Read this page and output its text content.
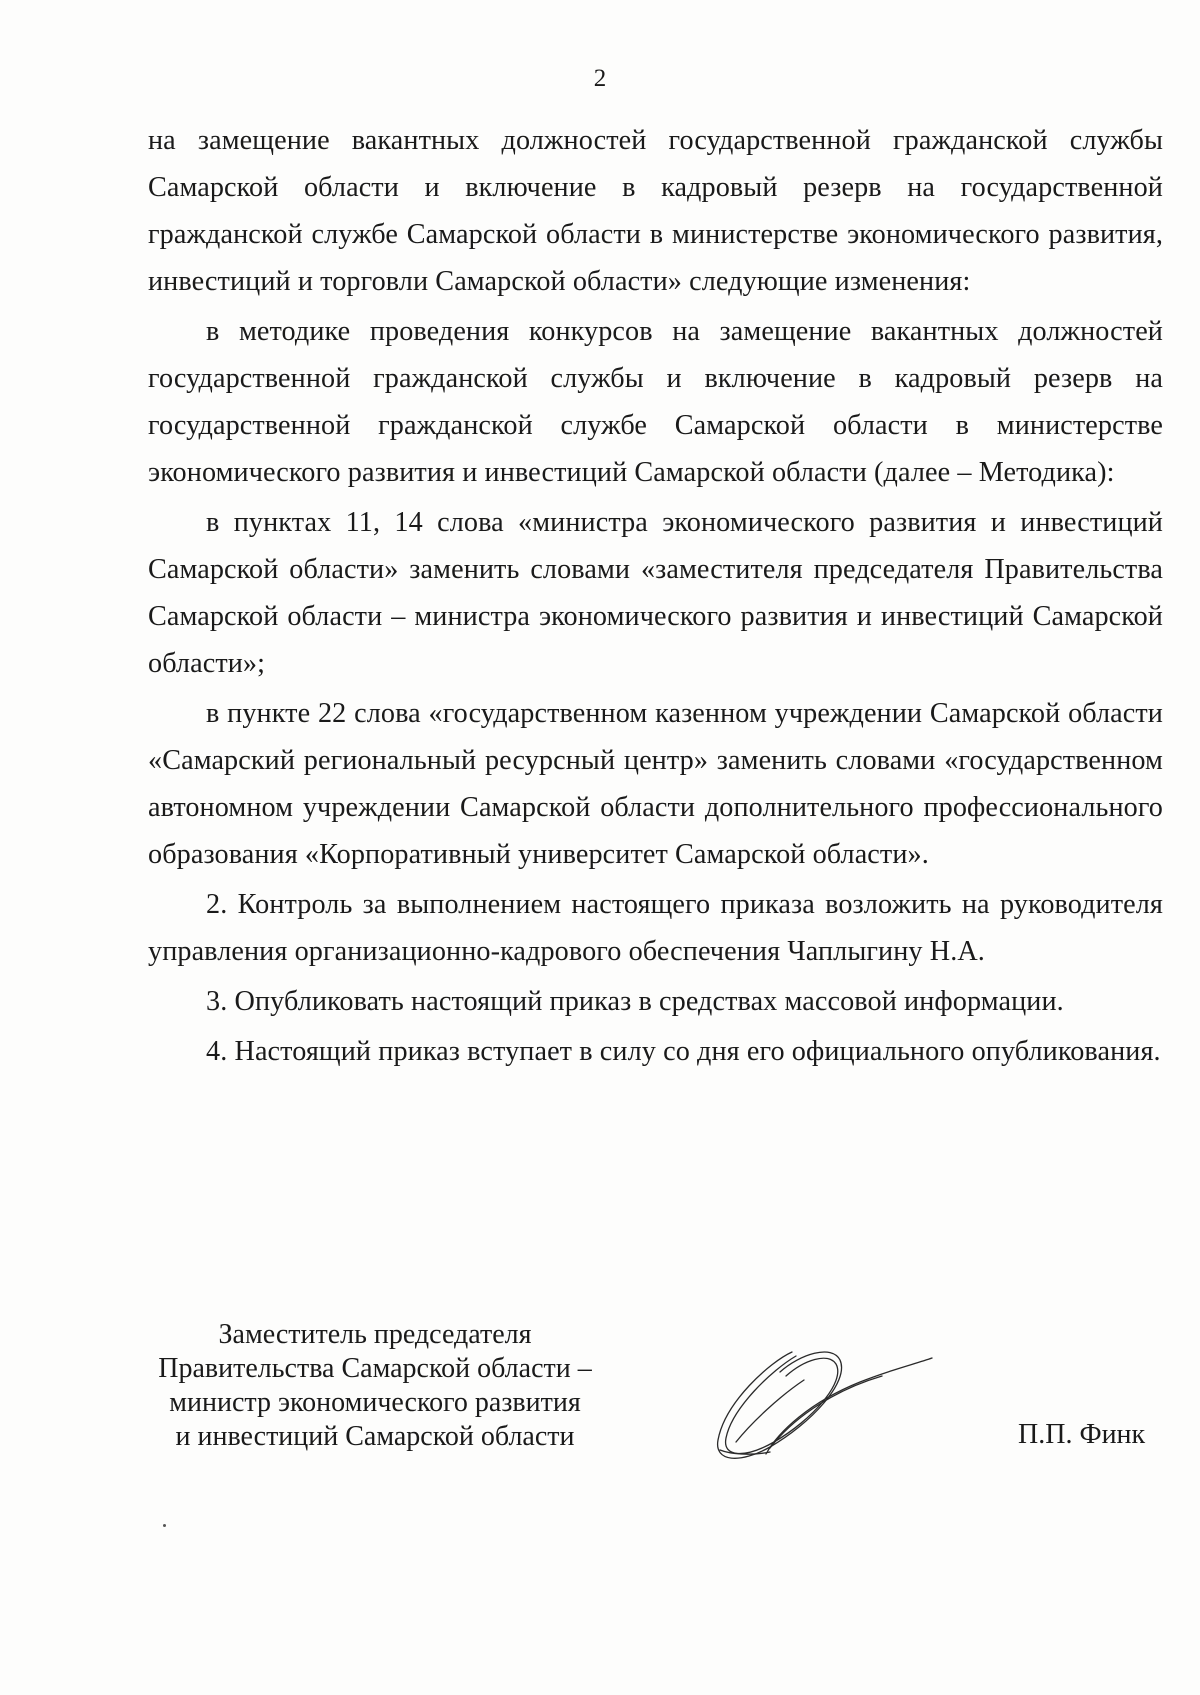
2

на замещение вакантных должностей государственной гражданской службы Самарской области и включение в кадровый резерв на государственной гражданской службе Самарской области в министерстве экономического развития, инвестиций и торговли Самарской области» следующие изменения:

в методике проведения конкурсов на замещение вакантных должностей государственной гражданской службы и включение в кадровый резерв на государственной гражданской службе Самарской области в министерстве экономического развития и инвестиций Самарской области (далее – Методика):

в пунктах 11, 14 слова «министра экономического развития и инвестиций Самарской области» заменить словами «заместителя председателя Правительства Самарской области – министра экономического развития и инвестиций Самарской области»;

в пункте 22 слова «государственном казенном учреждении Самарской области «Самарский региональный ресурсный центр» заменить словами «государственном автономном учреждении Самарской области дополнительного профессионального образования «Корпоративный университет Самарской области».

2. Контроль за выполнением настоящего приказа возложить на руководителя управления организационно-кадрового обеспечения Чаплыгину Н.А.

3. Опубликовать настоящий приказ в средствах массовой информации.

4. Настоящий приказ вступает в силу со дня его официального опубликования.

Заместитель председателя
Правительства Самарской области –
министр экономического развития
и инвестиций Самарской области	П.П. Финк
